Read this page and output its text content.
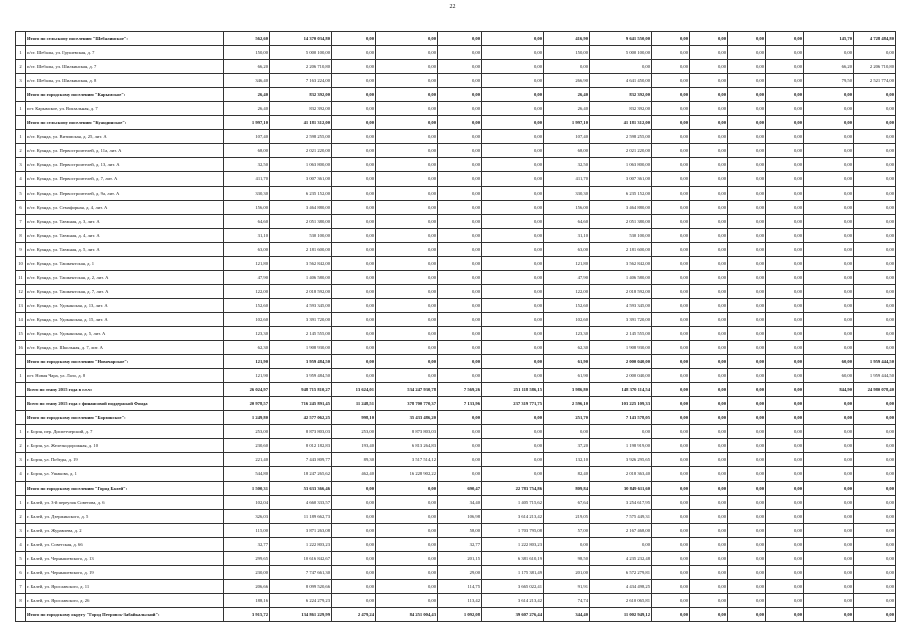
22
	Итого по сельскому поселению "Шебалинское":	562,60	14 370 034,80	0,00	0,00	0,00	0,00	416,90	9 641 550,00	0,00	0,00	0,00	0,00	145,70	4 728 484,80
1	п/ст. Шебалы, ул. Грушевская, д. 7	150,00	5 000 100,00	0,00	0,00	0,00	0,00	150,00	5 000 100,00	0,00	0,00	0,00	0,00	0,00	0,00
2	п/ст. Шебалы, ул. Шилкинская, д. 7	66,20	2 206 710,80	0,00	0,00	0,00	0,00	0,00	0,00	0,00	0,00	0,00	0,00	66,20	2 206 710,80
3	п/ст. Шебалы, ул. Шилкинская, д. 8	346,40	7 163 224,00	0,00	0,00	0,00	0,00	266,90	4 641 450,00	0,00	0,00	0,00	0,00	79,50	2 521 774,00
	Итого по городскому поселению "Карымское":	26,40	832 392,00	0,00	0,00	0,00	0,00	26,40	832 392,00	0,00	0,00	0,00	0,00	0,00	0,00
1	пгт. Карымское, ул. Вокзальная, д. 7	26,40	832 392,00	0,00	0,00	0,00	0,00	26,40	832 392,00	0,00	0,00	0,00	0,00	0,00	0,00
	Итого по сельскому поселению "Куандинское":	1 997,10	41 181 312,00	0,00	0,00	0,00	0,00	1 997,10	41 181 312,00	0,00	0,00	0,00	0,00	0,00	0,00
1	п/ст. Куанда, ул. Витимская, д. 25, лит. А	107,40	2 598 255,00	0,00	0,00	0,00	0,00	107,40	2 598 255,00	0,00	0,00	0,00	0,00	0,00	0,00
2	п/ст. Куанда, ул. Первостроителей, д. 11а, лит. А	68,00	2 021 220,00	0,00	0,00	0,00	0,00	68,00	2 021 220,00	0,00	0,00	0,00	0,00	0,00	0,00
3	п/ст. Куанда, ул. Первостроителей, д. 13, лит. А	32,50	1 063 800,00	0,00	0,00	0,00	0,00	32,50	1 063 800,00	0,00	0,00	0,00	0,00	0,00	0,00
4	п/ст. Куанда, ул. Первостроителей, д. 7, лит. А	411,70	3 007 361,00	0,00	0,00	0,00	0,00	411,70	3 007 361,00	0,00	0,00	0,00	0,00	0,00	0,00
5	п/ст. Куанда, ул. Первостроителей, д. 9а, лит. А	330,30	6 235 152,00	0,00	0,00	0,00	0,00	330,30	6 235 152,00	0,00	0,00	0,00	0,00	0,00	0,00
6	п/ст. Куанда, ул. Семафорная, д. 4, лит. А	156,00	3 464 880,00	0,00	0,00	0,00	0,00	156,00	3 464 880,00	0,00	0,00	0,00	0,00	0,00	0,00
7	п/ст. Куанда, ул. Таежная, д. 3, лит. А	64,60	2 051 380,00	0,00	0,00	0,00	0,00	64,60	2 051 380,00	0,00	0,00	0,00	0,00	0,00	0,00
8	п/ст. Куанда, ул. Таежная, д. 4, лит. А	31,10	530 100,00	0,00	0,00	0,00	0,00	31,10	530 100,00	0,00	0,00	0,00	0,00	0,00	0,00
9	п/ст. Куанда, ул. Таежная, д. 5, лит. А	63,00	2 181 600,00	0,00	0,00	0,00	0,00	63,00	2 181 600,00	0,00	0,00	0,00	0,00	0,00	0,00
10	п/ст. Куанда, ул. Ташкентская, д. 1	121,80	3 562 842,00	0,00	0,00	0,00	0,00	121,80	3 562 842,00	0,00	0,00	0,00	0,00	0,00	0,00
11	п/ст. Куанда, ул. Ташкентская, д. 2, лит. А	47,90	1 406 580,00	0,00	0,00	0,00	0,00	47,90	1 406 580,00	0,00	0,00	0,00	0,00	0,00	0,00
12	п/ст. Куанда, ул. Ташкентская, д. 7, лит. А	122,00	2 018 592,00	0,00	0,00	0,00	0,00	122,00	2 018 592,00	0,00	0,00	0,00	0,00	0,00	0,00
13	п/ст. Куанда, ул. Удоканская, д. 13, лит. А	152,60	4 593 345,00	0,00	0,00	0,00	0,00	152,60	4 593 345,00	0,00	0,00	0,00	0,00	0,00	0,00
14	п/ст. Куанда, ул. Удоканская, д. 15, лит. А	102,60	3 391 720,00	0,00	0,00	0,00	0,00	102,60	3 391 720,00	0,00	0,00	0,00	0,00	0,00	0,00
15	п/ст. Куанда, ул. Удоканская, д. 5, лит. А	123,30	2 145 555,00	0,00	0,00	0,00	0,00	123,30	2 145 555,00	0,00	0,00	0,00	0,00	0,00	0,00
16	п/ст. Куанда, ул. Школьная, д. 7, лит. А	62,30	1 908 930,00	0,00	0,00	0,00	0,00	62,30	1 908 930,00	0,00	0,00	0,00	0,00	0,00	0,00
	Итого по городскому поселению "Новочарское":	121,90	3 959 484,50	0,00	0,00	0,00	0,00	61,90	2 000 040,00	0,00	0,00	0,00	0,00	60,00	1 959 444,50
1	пгт. Новая Чара, ул. Лазо, д. 8	121,90	3 959 484,50	0,00	0,00	0,00	0,00	61,90	2 000 040,00	0,00	0,00	0,00	0,00	60,00	1 959 444,50
	Всего по этапу 2015 года в г.т.ч:	26 024,97	948 715 810,27	13 624,01	534 247 930,78	7 569,26	251 118 586,15	3 986,80	148 370 114,54	0,00	0,00	0,00	0,00	844,90	24 980 078,40
	Всего по этапу 2015 года с финансовой поддержкой Фонда	20 978,57	716 245 891,45	11 248,51	378 700 770,37	7 133,96	237 319 771,75	2 596,10	103 225 109,33	0,00	0,00	0,00	0,00	0,00	0,00
	Итого по городскому поселению "Борзинское":	1 249,80	42 577 062,25	998,10	35 433 486,20	0,00	0,00	251,70	7 143 578,05	0,00	0,00	0,00	0,00	0,00	0,00
1	г. Борзя, пер. Диспетчерский, д. 7	253,00	8 873 803,03	253,00	8 873 803,03	0,00	0,00	0,00	0,00	0,00	0,00	0,00	0,00	0,00	0,00
2	г. Борзя, ул. Железнодорожная, д. 10	230,60	8 012 182,83	193,40	6 813 264,83	0,00	0,00	37,20	1 198 919,00	0,00	0,00	0,00	0,00	0,00	0,00
3	г. Борзя, ул. Победы, д. 19	221,40	7 443 809,77	89,30	3 517 514,12	0,00	0,00	132,10	3 926 295,65	0,00	0,00	0,00	0,00	0,00	0,00
4	г. Борзя, ул. Ушакова, д. 1	544,80	18 247 265,62	462,40	16 228 902,22	0,00	0,00	82,40	2 018 363,40	0,00	0,00	0,00	0,00	0,00	0,00
	Итого по городскому поселению "Город Балей":	1 500,31	53 633 366,46	0,00	0,00	690,47	22 783 754,86	809,84	30 849 611,60	0,00	0,00	0,00	0,00	0,00	0,00
1	г. Балей, ул. 3-й переулок Советова, д. 6	102,04	4 660 333,57	0,00	0,00	34,40	1 405 715,62	67,64	3 254 617,95	0,00	0,00	0,00	0,00	0,00	0,00
2	г. Балей, ул. Дзержинского, д. 5	326,03	11 189 662,73	0,00	0,00	106,98	3 614 213,42	219,05	7 575 449,31	0,00	0,00	0,00	0,00	0,00	0,00
3	г. Балей, ул. Журавлева, д. 2	115,00	3 871 263,08	0,00	0,00	58,00	1 703 795,08	57,00	2 167 468,00	0,00	0,00	0,00	0,00	0,00	0,00
4	г. Балей, ул. Советская, д. 66	32,77	1 222 803,23	0,00	0,00	32,77	1 222 803,23	0,00	0,00	0,00	0,00	0,00	0,00	0,00	0,00
5	г. Балей, ул. Чернышевского, д. 13	299,65	10 616 842,67	0,00	0,00	201,15	6 381 610,19	98,50	4 235 232,48	0,00	0,00	0,00	0,00	0,00	0,00
6	г. Балей, ул. Чернышевского, д. 19	230,00	7 747 661,30	0,00	0,00	29,00	1 175 381,49	201,00	6 572 279,81	0,00	0,00	0,00	0,00	0,00	0,00
7	г. Балей, ул. Ярославского, д. 11	206,66	8 099 520,66	0,00	0,00	114,75	3 665 022,41	91,91	4 434 498,25	0,00	0,00	0,00	0,00	0,00	0,00
8	г. Балей, ул. Ярославского, д. 26	188,16	6 224 279,23	0,00	0,00	113,42	3 614 213,42	74,74	2 610 065,81	0,00	0,00	0,00	0,00	0,00	0,00
	Итого по городскому округу "Город Петровск-Забайкальский":	3 915,72	134 861 229,99	2 479,24	84 251 004,43	1 092,08	39 607 276,44	344,40	11 002 949,12	0,00	0,00	0,00	0,00	0,00	0,00
